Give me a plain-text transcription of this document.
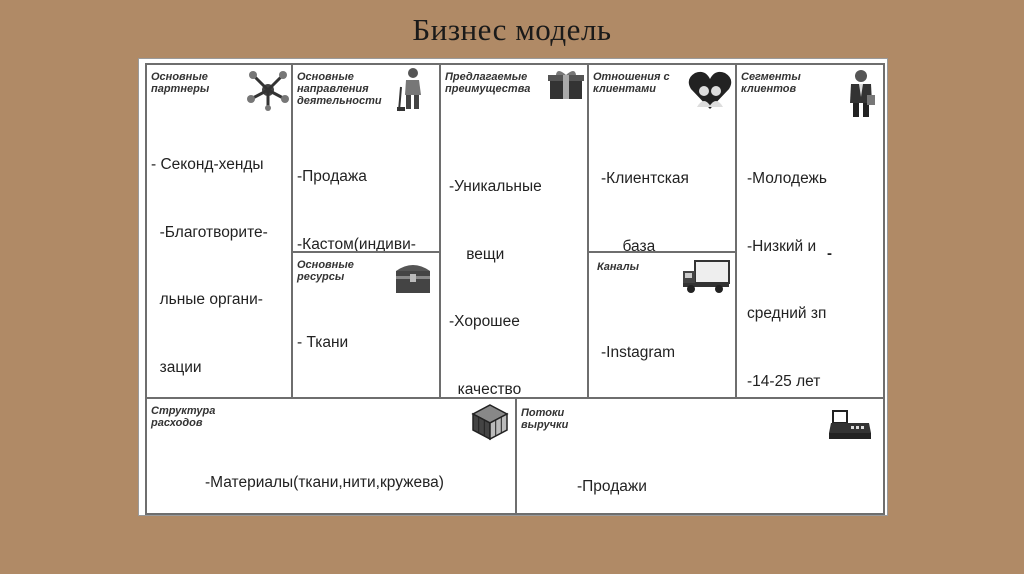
Бизнес модель
Основные
партнеры

- Секонд-хенды

-Благотворите-

льные органи-

зации

Основные
направления
деятельности

-Продажа

-Кастом(индиви-

Основные
ресурсы

- Ткани

Предлагаемые
преимущества

-Уникальные

вещи

-Хорошее

качество

Отношения с
клиентами

-Клиентская

база

Каналы

-Instagram

Сегменты
клиентов

-Молодежь

-Низкий и

средний зп

-14-25 лет

-
Структура
расходов

-Материалы(ткани,нити,кружева)

Потоки
выручки

-Продажи
